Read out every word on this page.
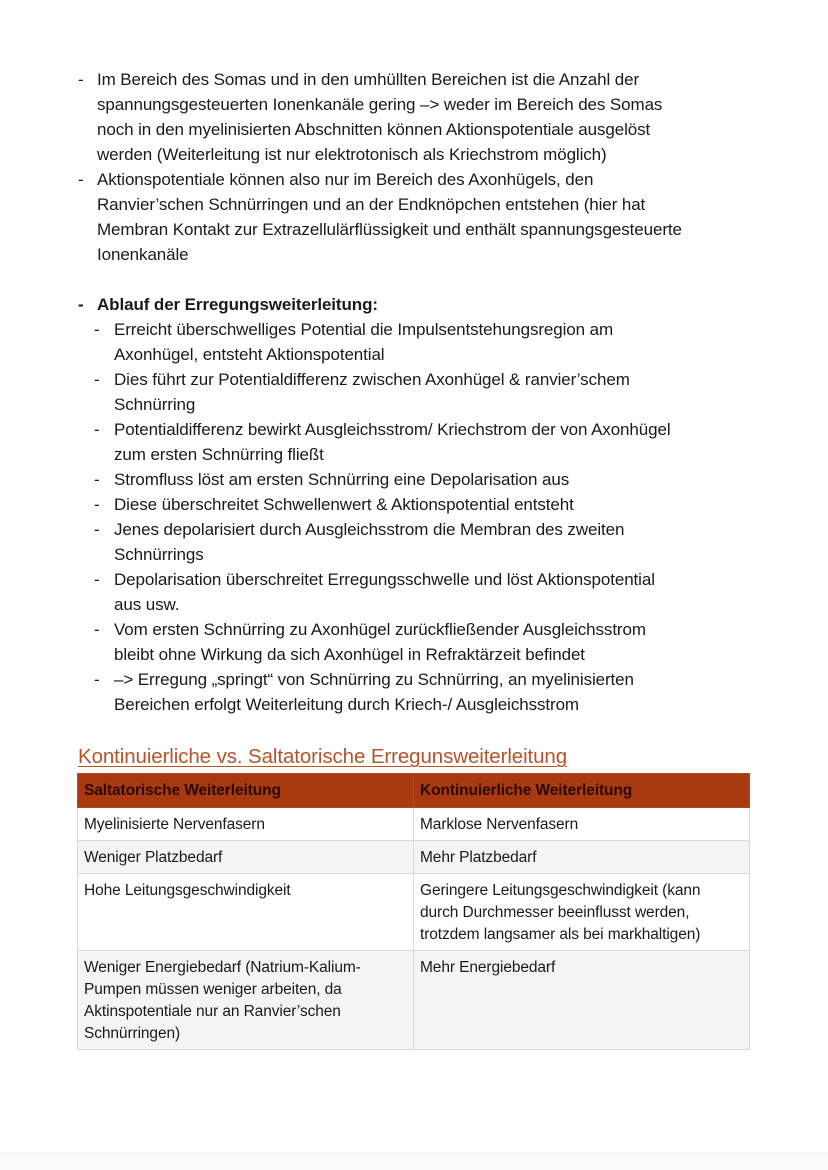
- Im Bereich des Somas und in den umhüllten Bereichen ist die Anzahl der
spannungsgesteuerten Ionenkanäle gering –> weder im Bereich des Somas
noch in den myelinisierten Abschnitten können Aktionspotentiale ausgelöst
werden (Weiterleitung ist nur elektrotonisch als Kriechstrom möglich)
- Aktionspotentiale können also nur im Bereich des Axonhügels, den
Ranvier’schen Schnürringen und an der Endknöpchen entstehen (hier hat
Membran Kontakt zur Extrazellulärflüssigkeit und enthält spannungsgesteuerte
Ionenkanäle
- Ablauf der Erregungsweiterleitung:
- Erreicht überschwelliges Potential die Impulsentstehungsregion am
Axonhügel, entsteht Aktionspotential
- Dies führt zur Potentialdifferenz zwischen Axonhügel & ranvier’schem
Schnürring
- Potentialdifferenz bewirkt Ausgleichsstrom/ Kriechstrom der von Axonhügel
zum ersten Schnürring fließt
- Stromfluss löst am ersten Schnürring eine Depolarisation aus
- Diese überschreitet Schwellenwert & Aktionspotential entsteht
- Jenes depolarisiert durch Ausgleichsstrom die Membran des zweiten
Schnürrings
- Depolarisation überschreitet Erregungsschwelle und löst Aktionspotential
aus usw.
- Vom ersten Schnürring zu Axonhügel zurückfließender Ausgleichsstrom
bleibt ohne Wirkung da sich Axonhügel in Refraktärzeit befindet
- –> Erregung „springt“ von Schnürring zu Schnürring, an myelinisierten
Bereichen erfolgt Weiterleitung durch Kriech-/ Ausgleichsstrom
Kontinuierliche vs. Saltatorische Erregunsweiterleitung
Saltatorische Weiterleitung	Kontinuierliche Weiterleitung

Myelinisierte Nervenfasern	Marklose Nervenfasern

Weniger Platzbedarf	Mehr Platzbedarf

Hohe Leitungsgeschwindigkeit	Geringere Leitungsgeschwindigkeit (kann
durch Durchmesser beeinflusst werden,
trotzdem langsamer als bei markhaltigen)

Weniger Energiebedarf (Natrium-Kalium-
Pumpen müssen weniger arbeiten, da
Aktinspotentiale nur an Ranvier’schen
Schnürringen)	Mehr Energiebedarf
